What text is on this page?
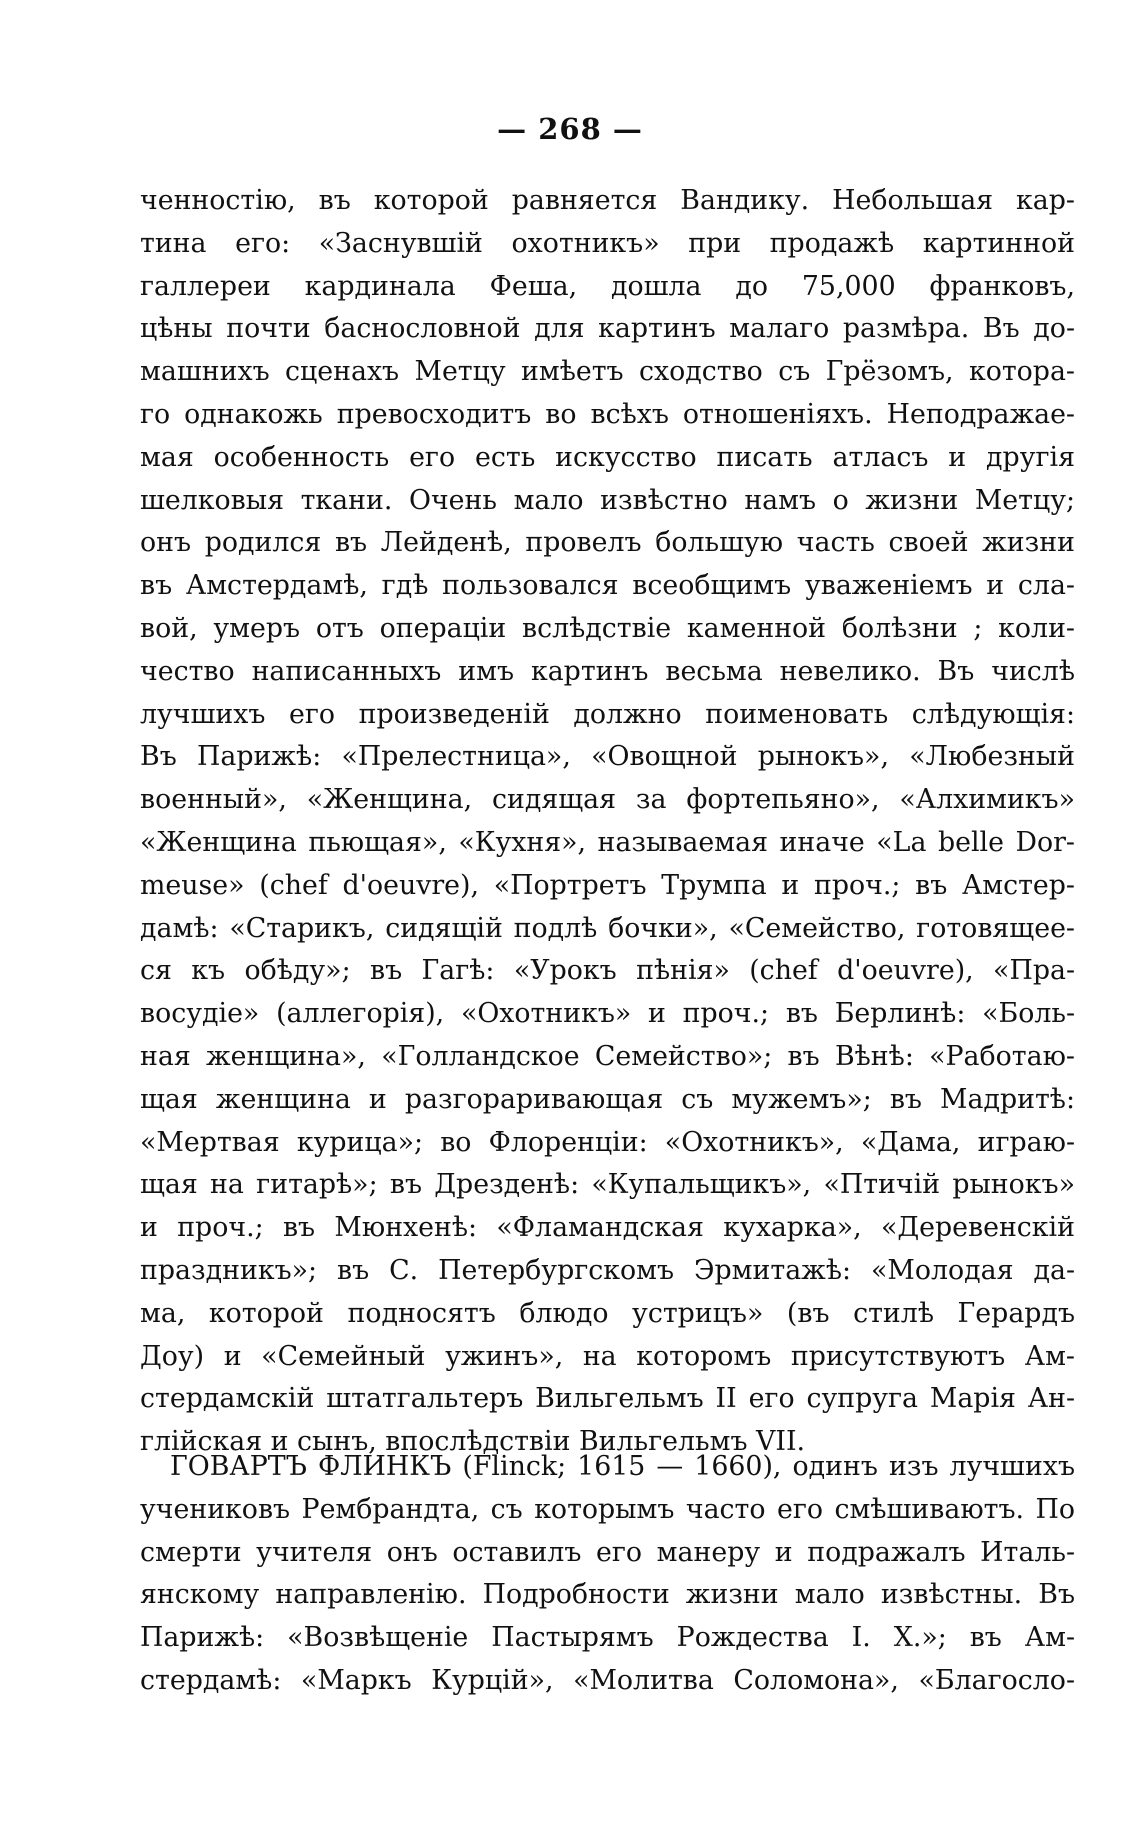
— 268 —
ченностію, въ которой равняется Вандику. Небольшая кар-
тина его: «Заснувшій охотникъ» при продажѣ картинной
галлереи кардинала Феша, дошла до 75,000 франковъ,
цѣны почти баснословной для картинъ малаго размѣра. Въ до-
машнихъ сценахъ Метцу имѣетъ сходство съ Грёзомъ, котора-
го однакожь превосходитъ во всѣхъ отношеніяхъ. Неподражае-
мая особенность его есть искусство писать атласъ и другія
шелковыя ткани. Очень мало извѣстно намъ о жизни Метцу;
онъ родился въ Лейденѣ, провелъ большую часть своей жизни
въ Амстердамѣ, гдѣ пользовался всеобщимъ уваженіемъ и сла-
вой, умеръ отъ операціи вслѣдствіе каменной болѣзни ; коли-
чество написанныхъ имъ картинъ весьма невелико. Въ числѣ
лучшихъ его произведеній должно поименовать слѣдующія:
Въ Парижѣ: «Прелестница», «Овощной рынокъ», «Любезный
военный», «Женщина, сидящая за фортепьяно», «Алхимикъ»
«Женщина пьющая», «Кухня», называемая иначе «La belle Dor-
meuse» (chef d'oeuvre), «Портретъ Трумпа и проч.; въ Амстер-
дамѣ: «Старикъ, сидящій подлѣ бочки», «Семейство, готовящее-
ся къ обѣду»; въ Гагѣ: «Урокъ пѣнія» (chef d'oeuvre), «Пра-
восудіе» (аллегорія), «Охотникъ» и проч.; въ Берлинѣ: «Боль-
ная женщина», «Голландское Семейство»; въ Вѣнѣ: «Работаю-
щая женщина и разгораривающая съ мужемъ»; въ Мадритѣ:
«Мертвая курица»; во Флоренціи: «Охотникъ», «Дама, играю-
щая на гитарѣ»; въ Дрезденѣ: «Купальщикъ», «Птичій рынокъ»
и проч.; въ Мюнхенѣ: «Фламандская кухарка», «Деревенскій
праздникъ»; въ С. Петербургскомъ Эрмитажѣ: «Молодая да-
ма, которой подносятъ блюдо устрицъ» (въ стилѣ Герардъ
Доу) и «Семейный ужинъ», на которомъ присутствуютъ Ам-
стердамскій штатгальтеръ Вильгельмъ II его супруга Марія Ан-
глійская и сынъ, впослѣдствіи Вильгельмъ VII.
ГОВАРТЪ ФЛИНКЪ (Flinck; 1615 — 1660), одинъ изъ лучшихъ
учениковъ Рембрандта, съ которымъ часто его смѣшиваютъ. По
смерти учителя онъ оставилъ его манеру и подражалъ Италь-
янскому направленію. Подробности жизни мало извѣстны. Въ
Парижѣ: «Возвѣщеніе Пастырямъ Рождества І. Х.»; въ Ам-
стердамѣ: «Маркъ Курцій», «Молитва Соломона», «Благосло-
